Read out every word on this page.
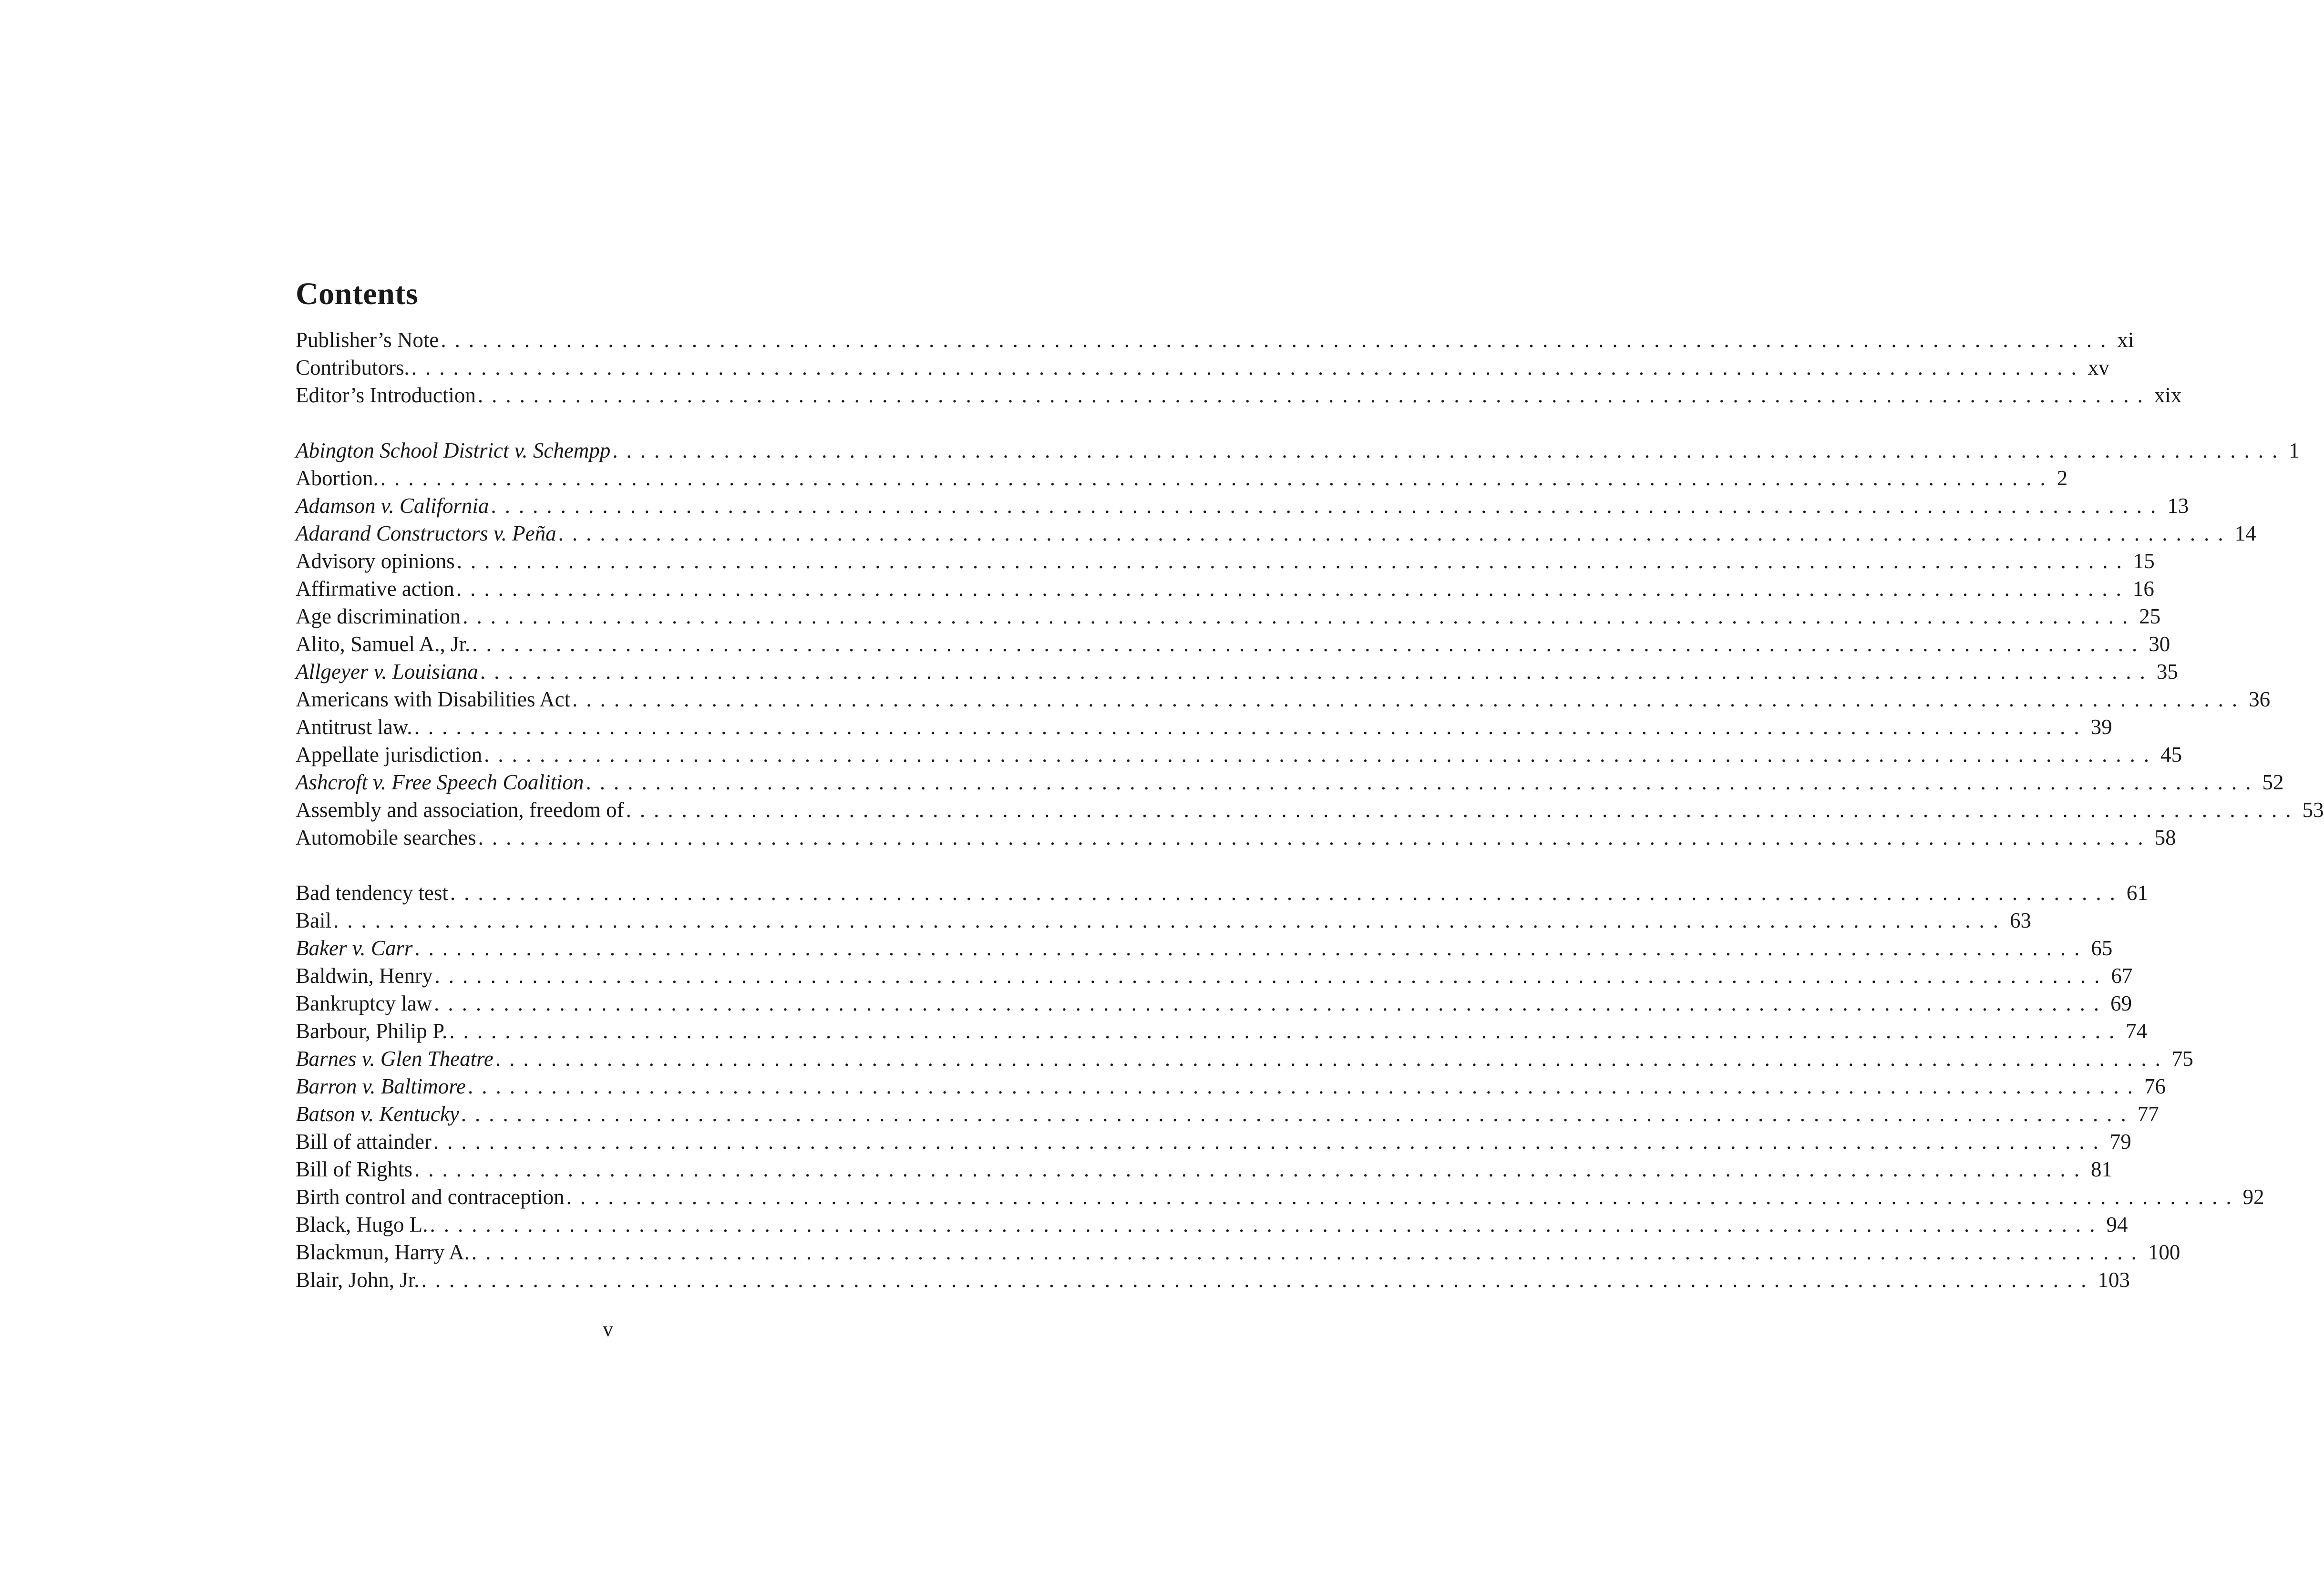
Contents
Publisher’s Note ........................................................................................................................ xi
Contributors. ........................................................................................................................ xv
Editor’s Introduction ........................................................................................................................ xix
Abington School District v. Schempp ........................................................................................................................ 1
Abortion. ........................................................................................................................ 2
Adamson v. California ........................................................................................................................ 13
Adarand Constructors v. Peña ........................................................................................................................ 14
Advisory opinions ........................................................................................................................ 15
Affirmative action ........................................................................................................................ 16
Age discrimination ........................................................................................................................ 25
Alito, Samuel A., Jr. ........................................................................................................................ 30
Allgeyer v. Louisiana ........................................................................................................................ 35
Americans with Disabilities Act ........................................................................................................................ 36
Antitrust law. ........................................................................................................................ 39
Appellate jurisdiction ........................................................................................................................ 45
Ashcroft v. Free Speech Coalition ........................................................................................................................ 52
Assembly and association, freedom of ........................................................................................................................ 53
Automobile searches ........................................................................................................................ 58
Bad tendency test ........................................................................................................................ 61
Bail ........................................................................................................................ 63
Baker v. Carr ........................................................................................................................ 65
Baldwin, Henry ........................................................................................................................ 67
Bankruptcy law ........................................................................................................................ 69
Barbour, Philip P. ........................................................................................................................ 74
Barnes v. Glen Theatre ........................................................................................................................ 75
Barron v. Baltimore ........................................................................................................................ 76
Batson v. Kentucky ........................................................................................................................ 77
Bill of attainder ........................................................................................................................ 79
Bill of Rights ........................................................................................................................ 81
Birth control and contraception ........................................................................................................................ 92
Black, Hugo L. ........................................................................................................................ 94
Blackmun, Harry A. ........................................................................................................................ 100
Blair, John, Jr. ........................................................................................................................ 103
v
